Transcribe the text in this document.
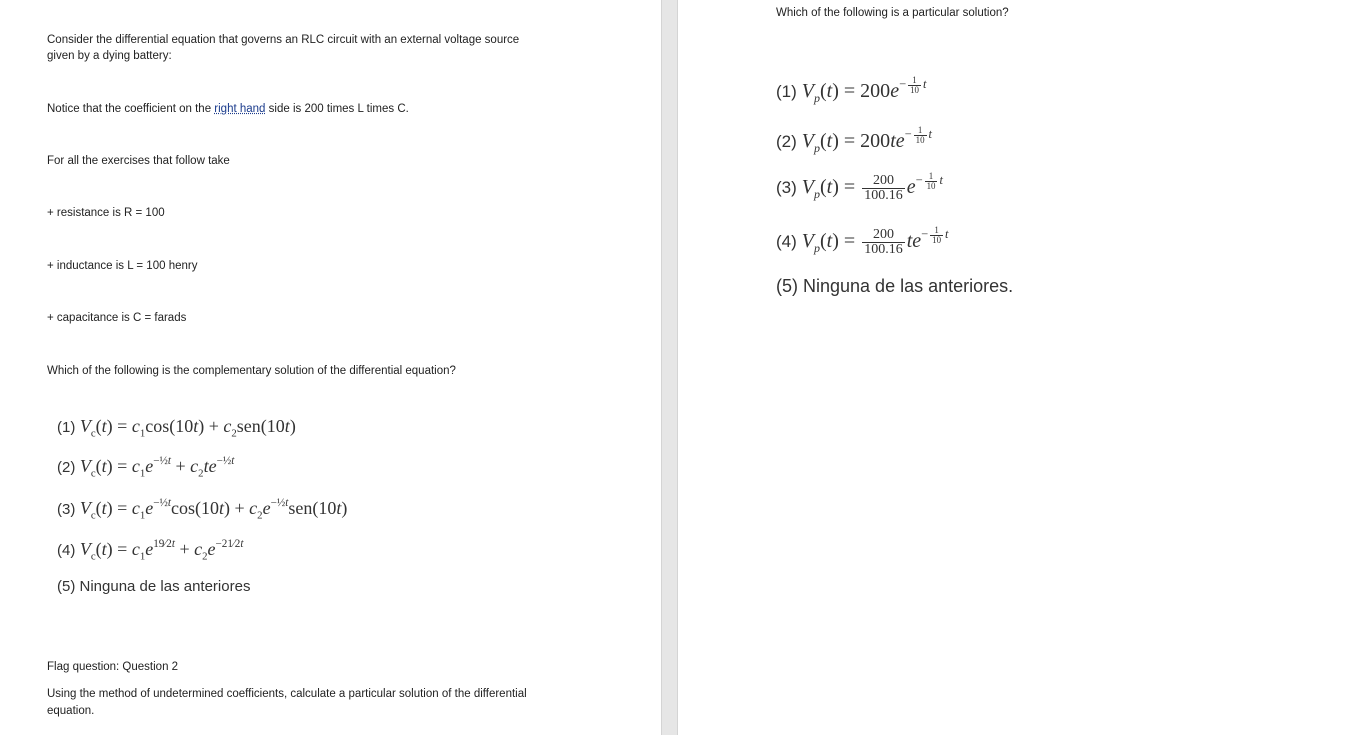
Consider the differential equation that governs an RLC circuit with an external voltage source

given by a dying battery:

Notice that the coefficient on the right hand side is 200 times L times C.

For all the exercises that follow take

+ resistance is R = 100

+ inductance is L = 100 henry

+ capacitance is C = farads

Which of the following is the complementary solution of the differential equation?

(1) $V_c(t) = c_1\cos(10t) + c_2sen(10t)$
(2) $V_c(t) = c_1e^{-\frac{1}{2}t} + c_2te^{-\frac{1}{2}t}$
(3) $V_c(t) = c_1e^{-\frac{1}{2}t}\cos(10t) + c_2e^{-\frac{1}{2}t}sen(10t)$
(4) $V_c(t) = c_1e^{19⁄2t} + c_2e^{-21⁄2t}$
(5) Ninguna de las anteriores

Flag question: Question 2

Using the method of undetermined coefficients, calculate a particular solution of the differential

equation.

Which of the following is a particular solution?

(1) $V_p(t) = 200e^{- \frac{1}{10} t}$
(2) $V_p(t) = 200te^{- \frac{1}{10} t}$
(3) $V_p(t) = \frac{200}{100.16} e^{- \frac{1}{10} t}$
(4) $V_p(t) = \frac{200}{100.16} te^{- \frac{1}{10} t}$
(5) Ninguna de las anteriores.
